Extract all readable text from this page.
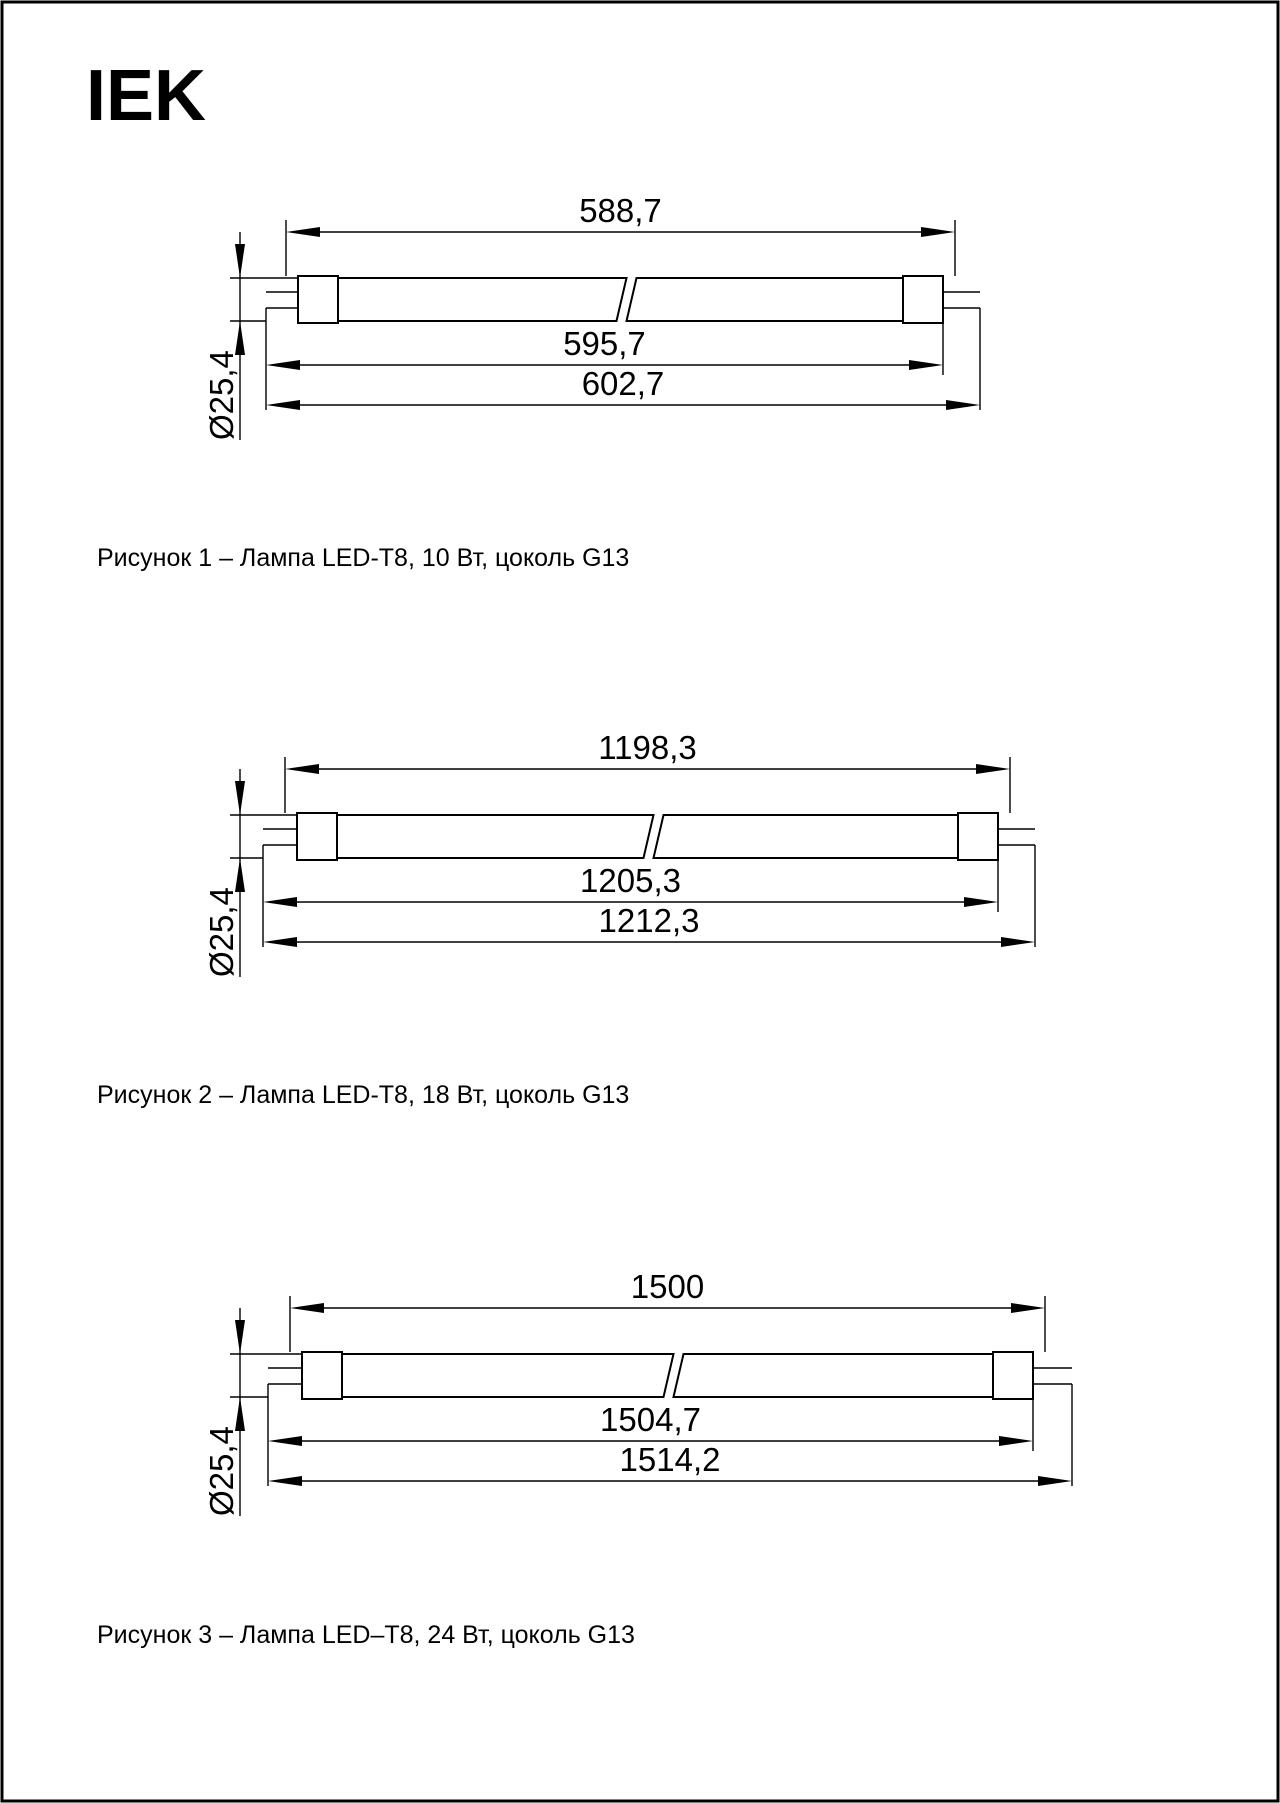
IEK
588,7
595,7
602,7
Ø25,4
Рисунок 1 – Лампа LED-T8, 10 Вт, цоколь G13
1198,3
1205,3
1212,3
Ø25,4
Рисунок 2 – Лампа LED-T8, 18 Вт, цоколь G13
1500
1504,7
1514,2
Ø25,4
Рисунок 3 – Лампа LED–T8, 24 Вт, цоколь G13
